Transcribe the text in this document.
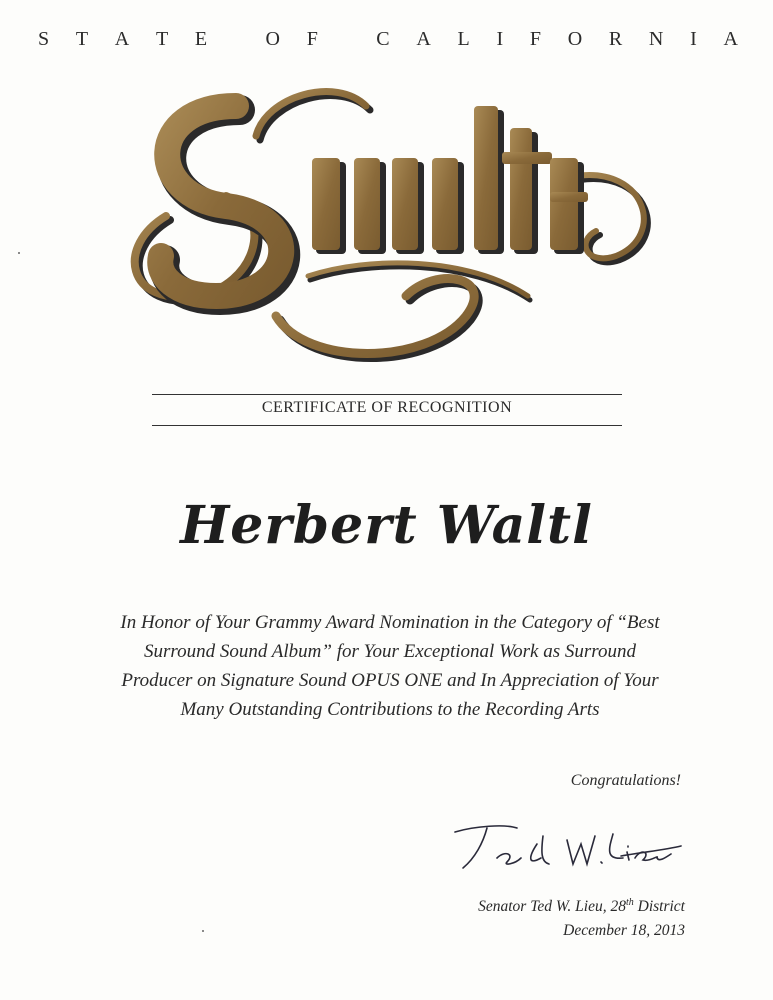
S T A T E
	O F
	C A L I F O R N I A
CERTIFICATE OF RECOGNITION
Herbert Waltl
In Honor of Your Grammy Award Nomination in the Category of “Best
Surround Sound Album” for Your Exceptional Work as Surround
Producer on Signature Sound OPUS ONE and In Appreciation of Your
Many Outstanding Contributions to the Recording Arts
Congratulations!
Senator Ted W. Lieu, 28th District
December 18, 2013
